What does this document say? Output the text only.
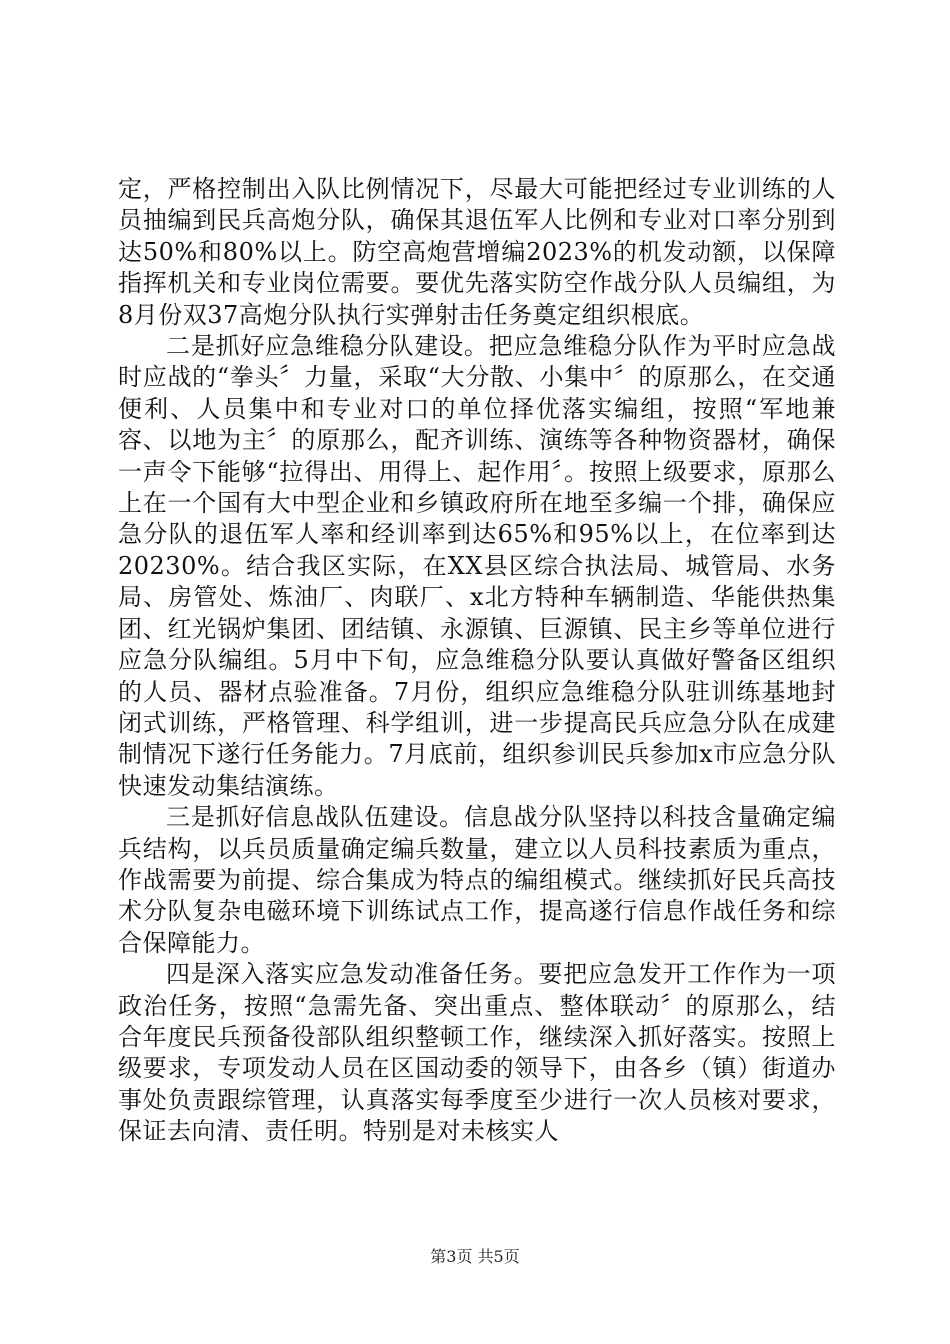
定，严格控制出入队比例情况下，尽最大可能把经过专业训练的人员抽编到民兵高炮分队，确保其退伍军人比例和专业对口率分别到达50%和80%以上。防空高炮营增编2023%的机发动额，以保障指挥机关和专业岗位需要。要优先落实防空作战分队人员编组，为8月份双37高炮分队执行实弹射击任务奠定组织根底。

二是抓好应急维稳分队建设。把应急维稳分队作为平时应急战时应战的“拳头〞力量，采取“大分散、小集中〞的原那么，在交通便利、人员集中和专业对口的单位择优落实编组，按照“军地兼容、以地为主〞的原那么，配齐训练、演练等各种物资器材，确保一声令下能够“拉得出、用得上、起作用〞。按照上级要求，原那么上在一个国有大中型企业和乡镇政府所在地至多编一个排，确保应急分队的退伍军人率和经训率到达65%和95%以上，在位率到达20230%。结合我区实际，在XX县区综合执法局、城管局、水务局、房管处、炼油厂、肉联厂、x北方特种车辆制造、华能供热集团、红光锅炉集团、团结镇、永源镇、巨源镇、民主乡等单位进行应急分队编组。5月中下旬，应急维稳分队要认真做好警备区组织的人员、器材点验准备。7月份，组织应急维稳分队驻训练基地封闭式训练，严格管理、科学组训，进一步提高民兵应急分队在成建制情况下遂行任务能力。7月底前，组织参训民兵参加x市应急分队快速发动集结演练。

三是抓好信息战队伍建设。信息战分队坚持以科技含量确定编兵结构，以兵员质量确定编兵数量，建立以人员科技素质为重点，作战需要为前提、综合集成为特点的编组模式。继续抓好民兵高技术分队复杂电磁环境下训练试点工作，提高遂行信息作战任务和综合保障能力。

四是深入落实应急发动准备任务。要把应急发开工作作为一项政治任务，按照“急需先备、突出重点、整体联动〞的原那么，结合年度民兵预备役部队组织整顿工作，继续深入抓好落实。按照上级要求，专项发动人员在区国动委的领导下，由各乡（镇）街道办事处负责跟综管理，认真落实每季度至少进行一次人员核对要求，保证去向清、责任明。特别是对未核实人

第3页 共5页
